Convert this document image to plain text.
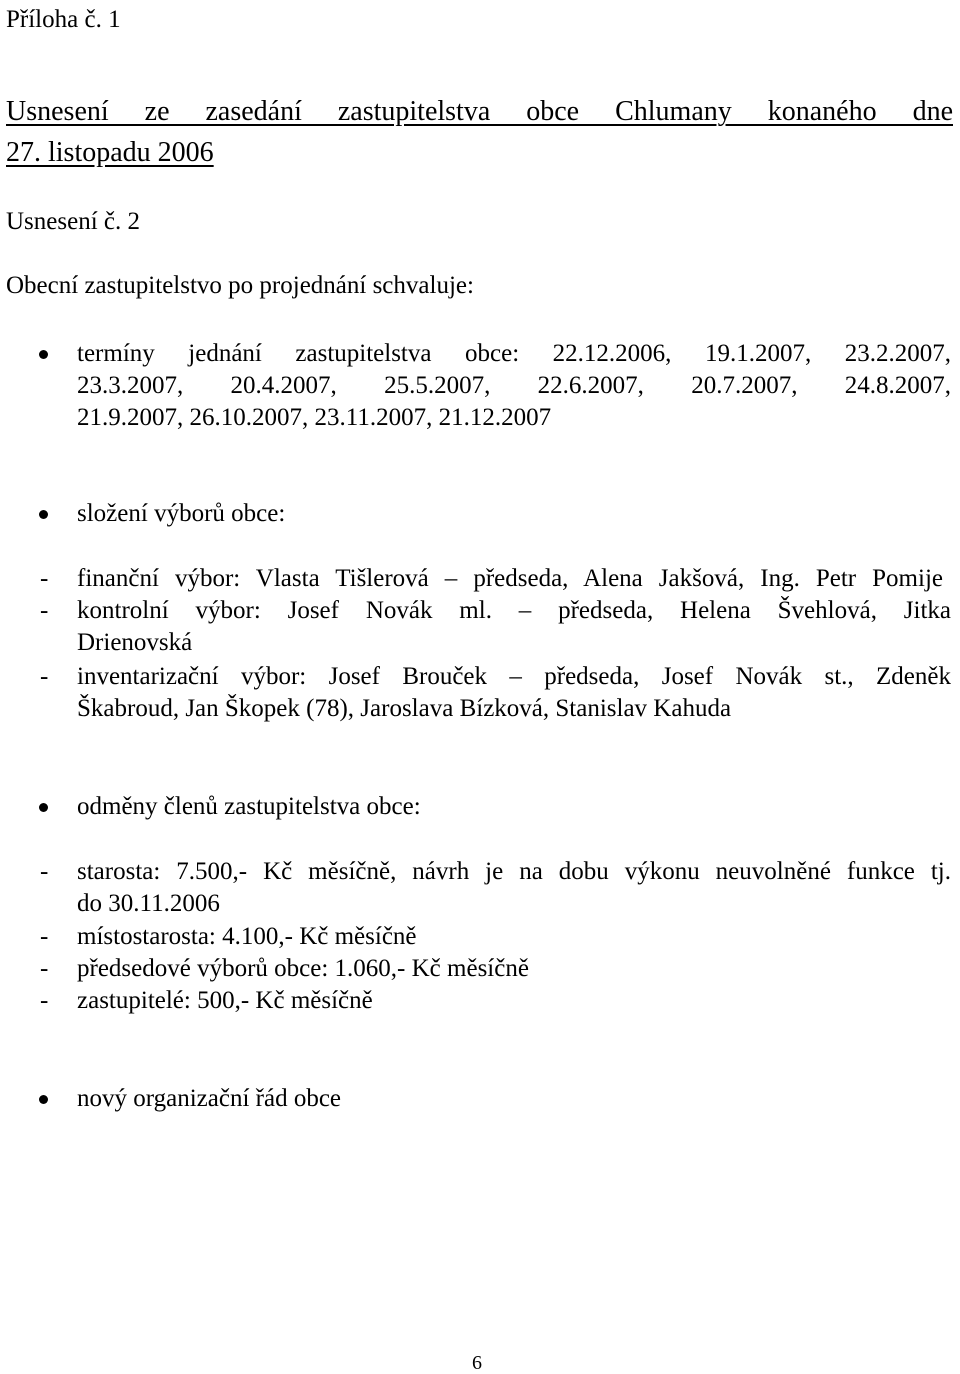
Příloha č. 1
Usnesení ze zasedání zastupitelstva obce Chlumany konaného dne
27. listopadu 2006
Usnesení č. 2
Obecní zastupitelstvo po projednání schvaluje:
termíny jednání zastupitelstva obce: 22.12.2006, 19.1.2007, 23.2.2007,
23.3.2007, 20.4.2007, 25.5.2007, 22.6.2007, 20.7.2007, 24.8.2007,
21.9.2007, 26.10.2007, 23.11.2007, 21.12.2007
složení výborů obce:
- finanční výbor: Vlasta Tišlerová – předseda, Alena Jakšová, Ing. Petr Pomije
- kontrolní výbor: Josef Novák ml. – předseda, Helena Švehlová, Jitka
Drienovská
- inventarizační výbor: Josef Brouček – předseda, Josef Novák st., Zdeněk
Škabroud, Jan Škopek (78), Jaroslava Bízková, Stanislav Kahuda
odměny členů zastupitelstva obce:
- starosta: 7.500,- Kč měsíčně, návrh je na dobu výkonu neuvolněné funkce tj.
do 30.11.2006
- místostarosta: 4.100,- Kč měsíčně
- předsedové výborů obce: 1.060,- Kč měsíčně
- zastupitelé: 500,- Kč měsíčně
nový organizační řád obce
6
